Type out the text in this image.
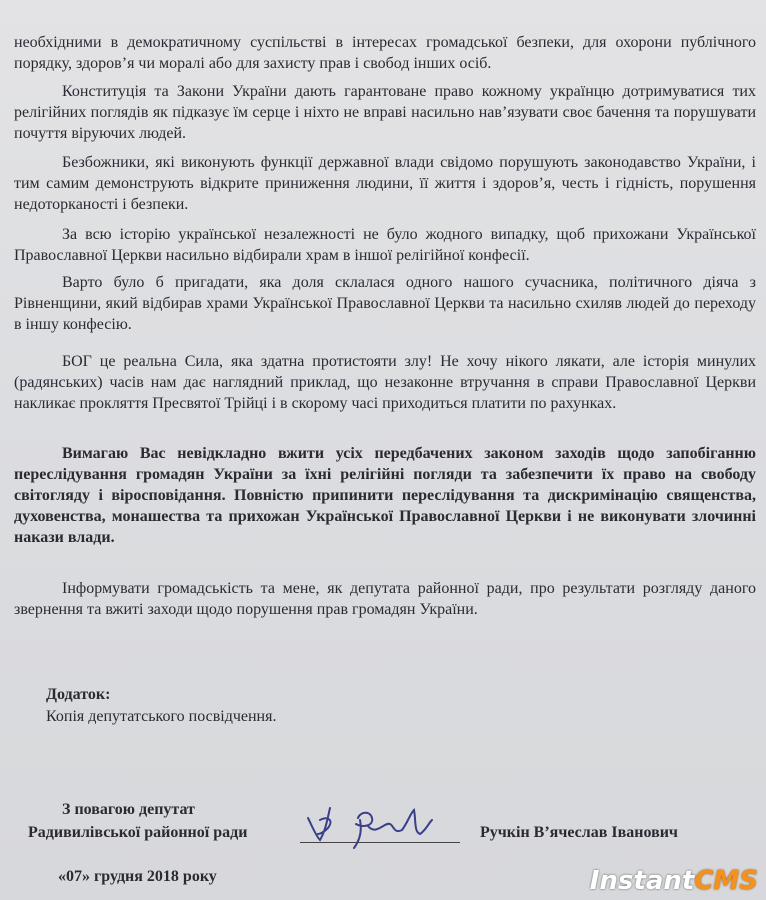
необхідними в демократичному суспільстві в інтересах громадської безпеки, для охорони публічного порядку, здоров’я чи моралі або для захисту прав і свобод інших осіб.

Конституція та Закони України дають гарантоване право кожному українцю дотримуватися тих релігійних поглядів як підказує їм серце і ніхто не вправі насильно нав’язувати своє бачення та порушувати почуття віруючих людей.

Безбожники, які виконують функції державної влади свідомо порушують законодавство України, і тим самим демонструють відкрите приниження людини, її життя і здоров’я, честь і гідність, порушення недоторканості і безпеки.

За всю історію української незалежності не було жодного випадку, щоб прихожани Української Православної Церкви насильно відбирали храм в іншої релігійної конфесії.

Варто було б пригадати, яка доля склалася одного нашого сучасника, політичного діяча з Рівненщини, який відбирав храми Української Православної Церкви та насильно схиляв людей до переходу в іншу конфесію.

БОГ це реальна Сила, яка здатна протистояти злу! Не хочу нікого лякати, але історія минулих (радянських) часів нам дає наглядний приклад, що незаконне втручання в справи Православної Церкви накликає прокляття Пресвятої Трійці і в скорому часі приходиться платити по рахунках.

Вимагаю Вас невідкладно вжити усіх передбачених законом заходів щодо запобіганню переслідування громадян України за їхні релігійні погляди та забезпечити їх право на свободу світогляду і віросповідання. Повністю припинити переслідування та дискримінацію священства, духовенства, монашества та прихожан Української Православної Церкви і не виконувати злочинні накази влади.

Інформувати громадськість та мене, як депутата районної ради, про результати розгляду даного звернення та вжиті заходи щодо порушення прав громадян України.

Додаток:
Копія депутатського посвідчення.
З повагою депутат
Радивилівської районної ради	Ручкін В’ячеслав Іванович
«07» грудня 2018 року	InstantCMS
